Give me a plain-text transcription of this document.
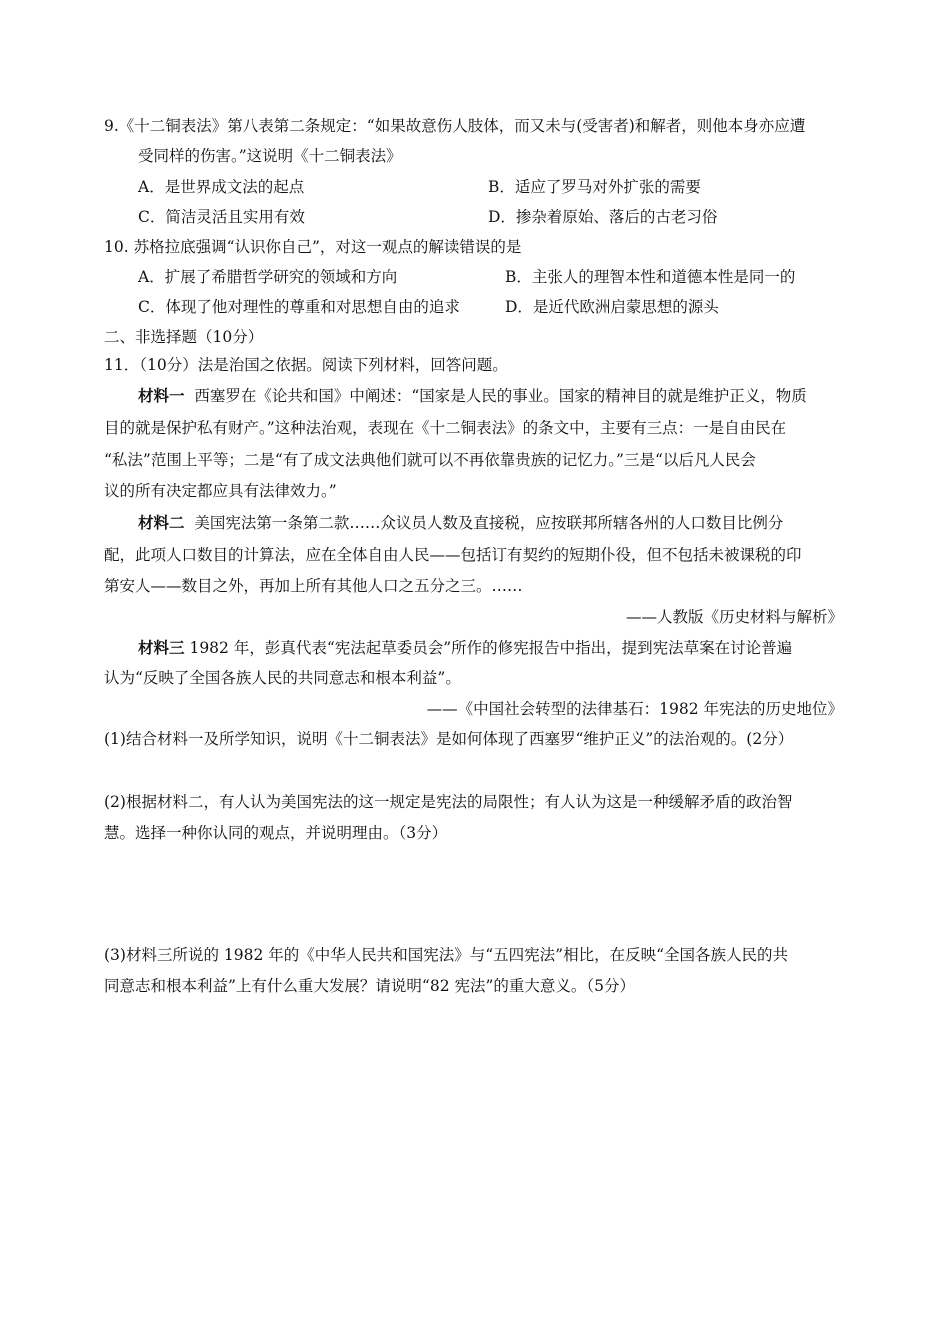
9.《十二铜表法》第八表第二条规定：“如果故意伤人肢体，而又未与(受害者)和解者，则他本身亦应遭
受同样的伤害。”这说明《十二铜表法》
A．是世界成文法的起点	B．适应了罗马对外扩张的需要
C．简洁灵活且实用有效	D．掺杂着原始、落后的古老习俗
10. 苏格拉底强调“认识你自己”，对这一观点的解读错误的是
A．扩展了希腊哲学研究的领域和方向	B．主张人的理智本性和道德本性是同一的
C．体现了他对理性的尊重和对思想自由的追求	D．是近代欧洲启蒙思想的源头
二、非选择题（10分）
11．（10分）法是治国之依据。阅读下列材料，回答问题。
材料一 西塞罗在《论共和国》中阐述：“国家是人民的事业。国家的精神目的就是维护正义，物质
目的就是保护私有财产。”这种法治观，表现在《十二铜表法》的条文中，主要有三点：一是自由民在
“私法”范围上平等；二是“有了成文法典他们就可以不再依靠贵族的记忆力。”三是“以后凡人民会
议的所有决定都应具有法律效力。”
材料二 美国宪法第一条第二款……众议员人数及直接税，应按联邦所辖各州的人口数目比例分
配，此项人口数目的计算法，应在全体自由人民——包括订有契约的短期仆役，但不包括未被课税的印
第安人——数目之外，再加上所有其他人口之五分之三。……
——人教版《历史材料与解析》
材料三 1982 年，彭真代表“宪法起草委员会”所作的修宪报告中指出，提到宪法草案在讨论普遍
认为“反映了全国各族人民的共同意志和根本利益”。
——《中国社会转型的法律基石：1982 年宪法的历史地位》
(1)结合材料一及所学知识，说明《十二铜表法》是如何体现了西塞罗“维护正义”的法治观的。(2分）
(2)根据材料二，有人认为美国宪法的这一规定是宪法的局限性；有人认为这是一种缓解矛盾的政治智
慧。选择一种你认同的观点，并说明理由。（3分）
(3)材料三所说的 1982 年的《中华人民共和国宪法》与“五四宪法”相比，在反映“全国各族人民的共
同意志和根本利益”上有什么重大发展？请说明“82 宪法”的重大意义。（5分）
